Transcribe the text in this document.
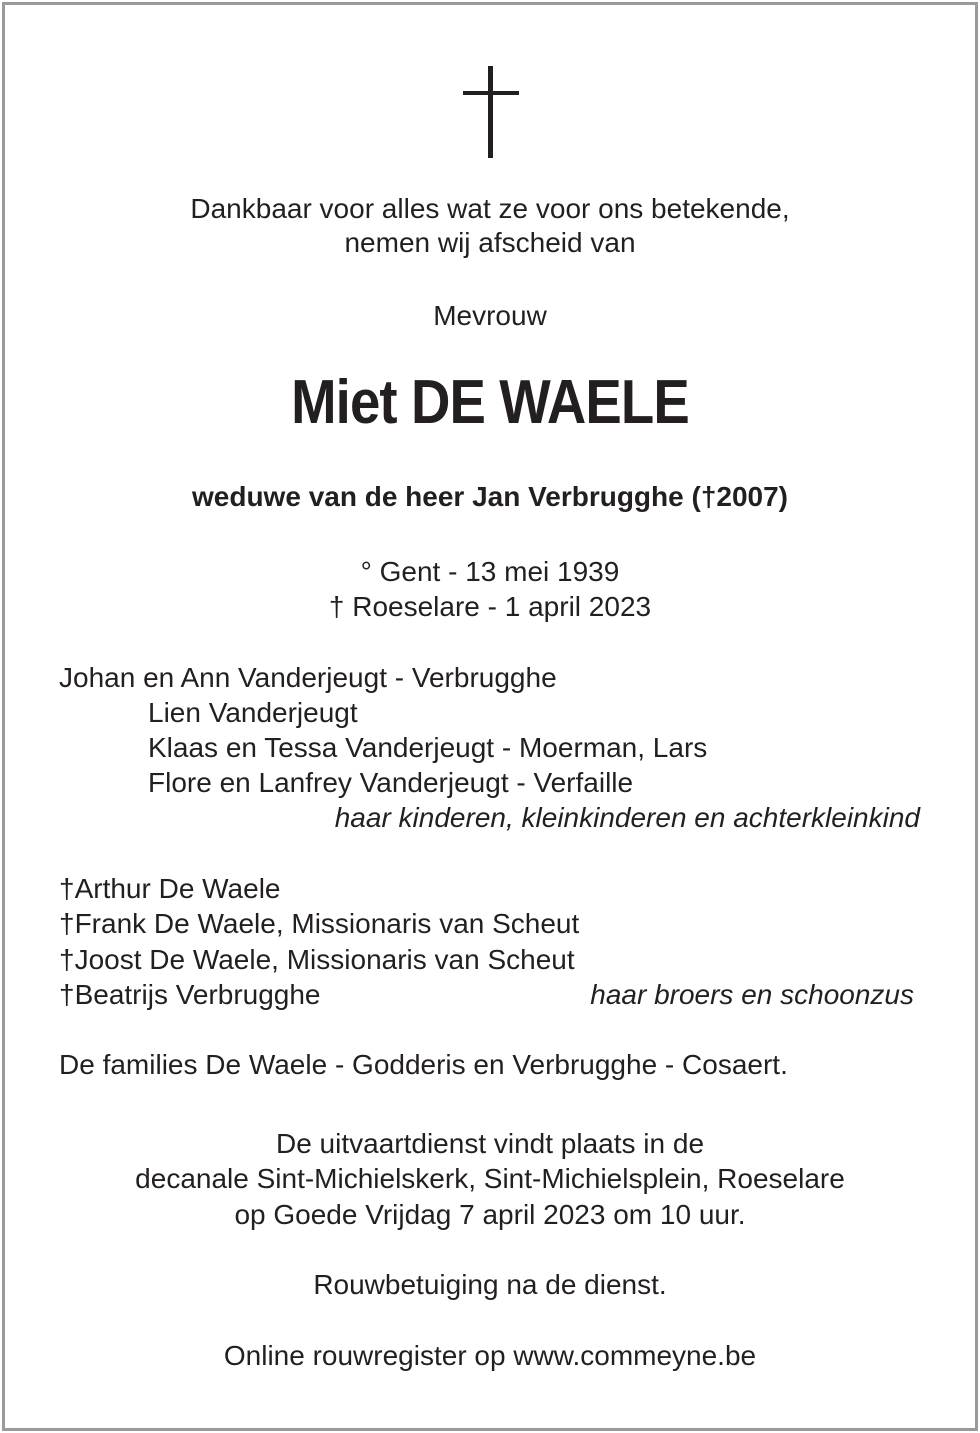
Dankbaar voor alles wat ze voor ons betekende,
nemen wij afscheid van
Mevrouw
Miet DE WAELE
weduwe van de heer Jan Verbrugghe (†2007)
° Gent - 13 mei 1939
† Roeselare - 1 april 2023
Johan en Ann Vanderjeugt - Verbrugghe
Lien Vanderjeugt
Klaas en Tessa Vanderjeugt - Moerman, Lars
Flore en Lanfrey Vanderjeugt - Verfaille
haar kinderen, kleinkinderen en achterkleinkind
†Arthur De Waele
†Frank De Waele, Missionaris van Scheut
†Joost De Waele, Missionaris van Scheut
†Beatrijs Verbrugghe	haar broers en schoonzus
De families De Waele - Godderis en Verbrugghe - Cosaert.
De uitvaartdienst vindt plaats in de
decanale Sint-Michielskerk, Sint-Michielsplein, Roeselare
op Goede Vrijdag 7 april 2023 om 10 uur.
Rouwbetuiging na de dienst.
Online rouwregister op www.commeyne.be
